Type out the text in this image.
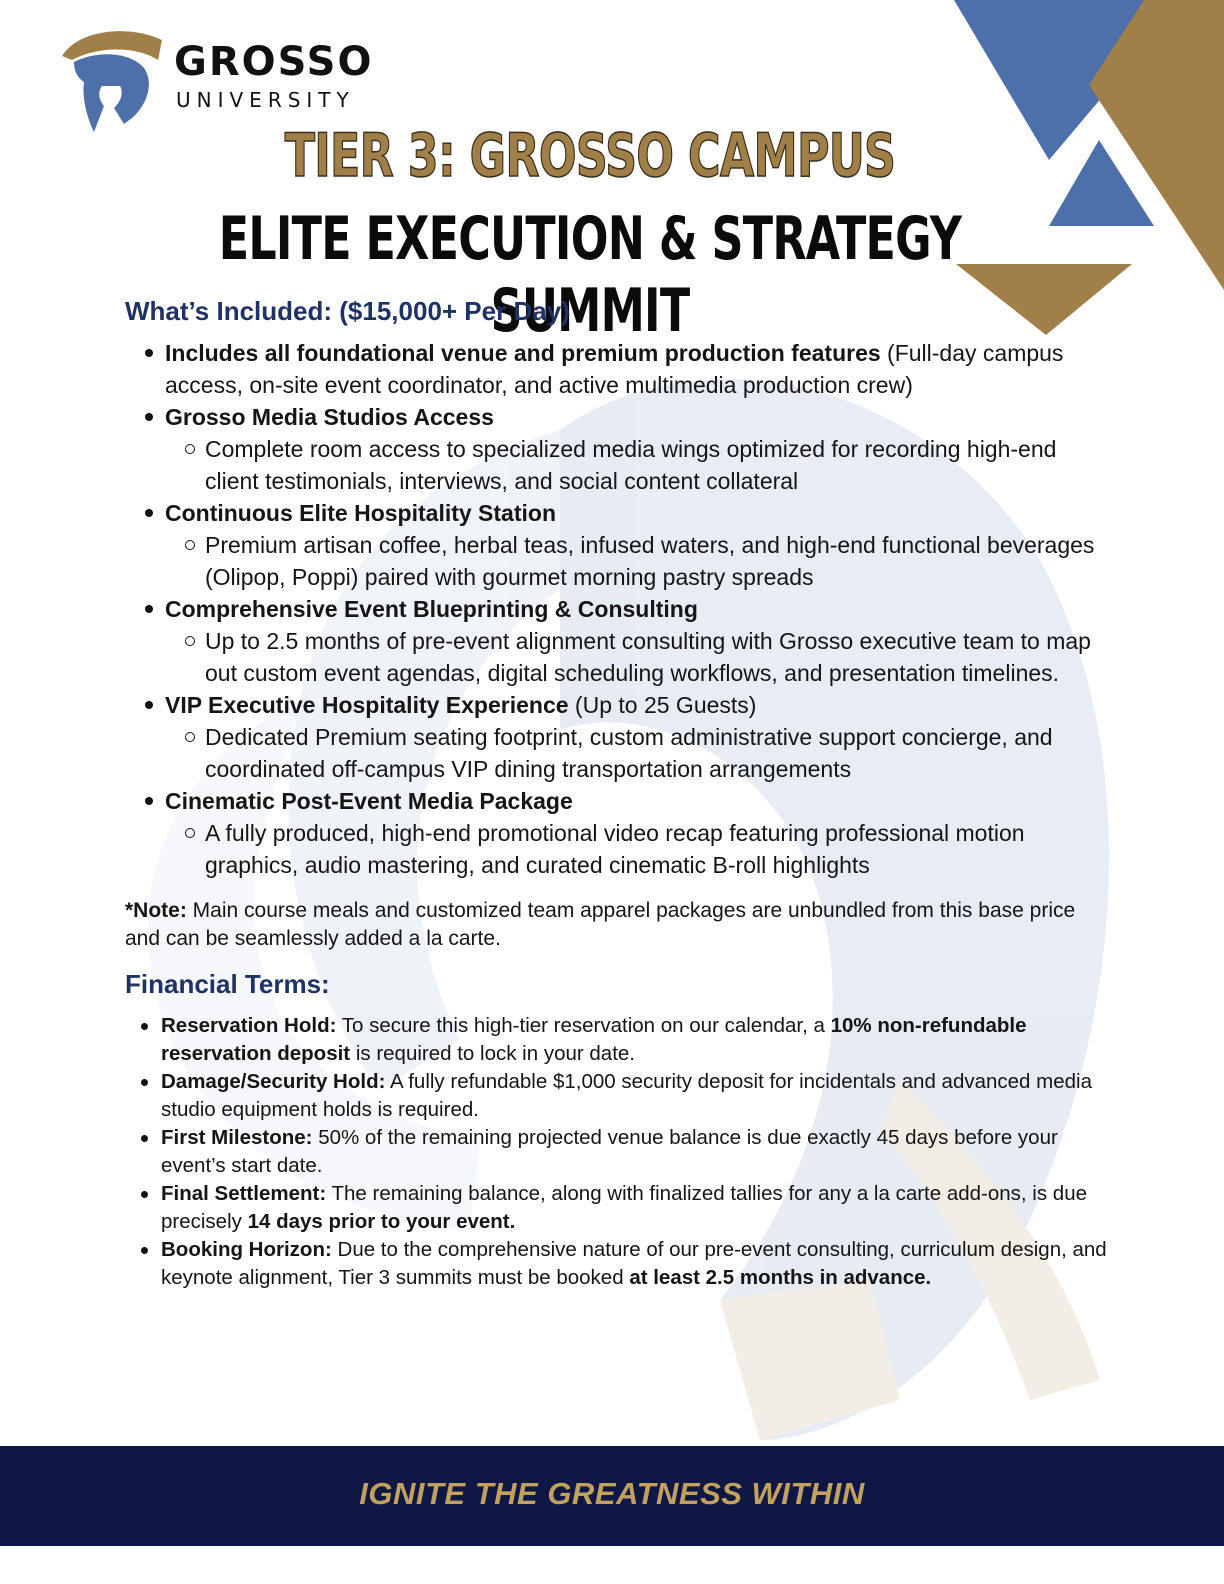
GROSSO
UNIVERSITY
TIER 3: GROSSO CAMPUS
ELITE EXECUTION & STRATEGY SUMMIT
What’s Included: ($15,000+ Per Day)
Includes all foundational venue and premium production features (Full-day campus access, on-site event coordinator, and active multimedia production crew)
Grosso Media Studios Access
Complete room access to specialized media wings optimized for recording high-end client testimonials, interviews, and social content collateral
Continuous Elite Hospitality Station
Premium artisan coffee, herbal teas, infused waters, and high-end functional beverages (Olipop, Poppi) paired with gourmet morning pastry spreads
Comprehensive Event Blueprinting & Consulting
Up to 2.5 months of pre-event alignment consulting with Grosso executive team to map out custom event agendas, digital scheduling workflows, and presentation timelines.
VIP Executive Hospitality Experience (Up to 25 Guests)
Dedicated Premium seating footprint, custom administrative support concierge, and coordinated off-campus VIP dining transportation arrangements
Cinematic Post-Event Media Package
A fully produced, high-end promotional video recap featuring professional motion graphics, audio mastering, and curated cinematic B-roll highlights

*Note: Main course meals and customized team apparel packages are unbundled from this base price and can be seamlessly added a la carte.

Financial Terms:
Reservation Hold: To secure this high-tier reservation on our calendar, a 10% non-refundable reservation deposit is required to lock in your date.
Damage/Security Hold: A fully refundable $1,000 security deposit for incidentals and advanced media studio equipment holds is required.
First Milestone: 50% of the remaining projected venue balance is due exactly 45 days before your event’s start date.
Final Settlement: The remaining balance, along with finalized tallies for any a la carte add-ons, is due precisely 14 days prior to your event.
Booking Horizon: Due to the comprehensive nature of our pre-event consulting, curriculum design, and keynote alignment, Tier 3 summits must be booked at least 2.5 months in advance.
IGNITE THE GREATNESS WITHIN
